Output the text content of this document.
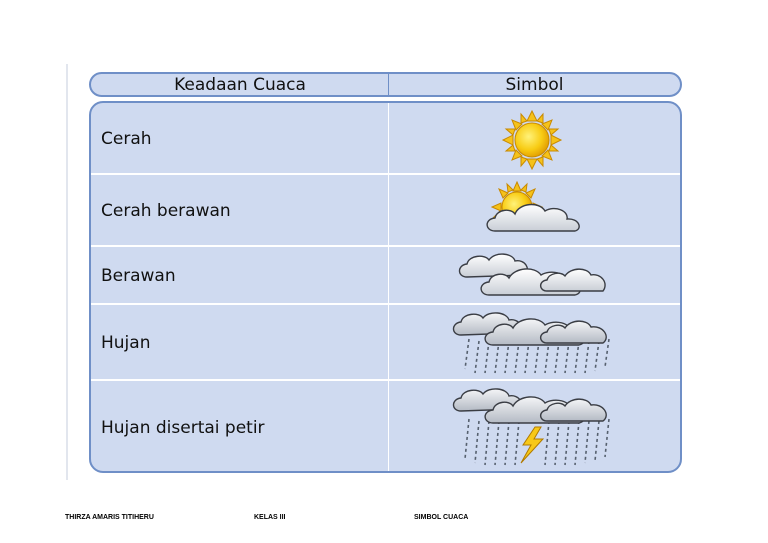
Keadaan Cuaca	Simbol
Cerah
Cerah berawan
Berawan
Hujan
Hujan disertai petir
THIRZA AMARIS TITIHERU	KELAS III	SIMBOL CUACA
